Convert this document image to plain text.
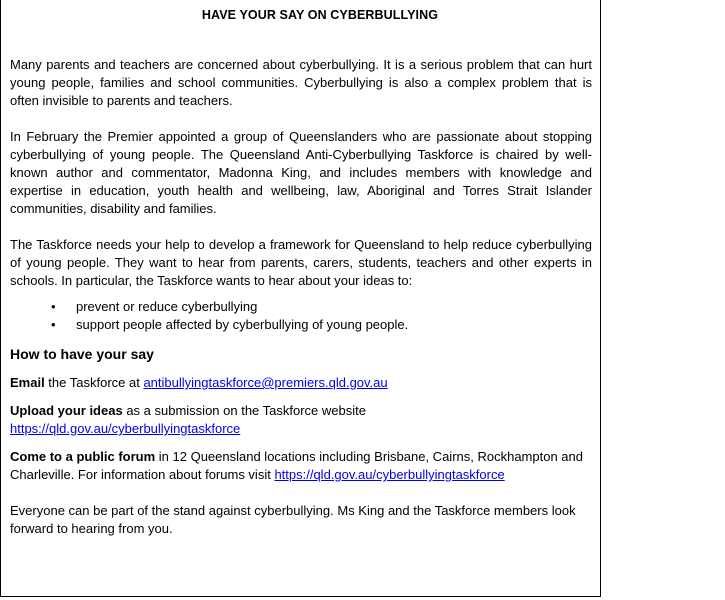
HAVE YOUR SAY ON CYBERBULLYING

Many parents and teachers are concerned about cyberbullying. It is a serious problem that can hurt young people, families and school communities. Cyberbullying is also a complex problem that is often invisible to parents and teachers.

In February the Premier appointed a group of Queenslanders who are passionate about stopping cyberbullying of young people. The Queensland Anti-Cyberbullying Taskforce is chaired by well-known author and commentator, Madonna King, and includes members with knowledge and expertise in education, youth health and wellbeing, law, Aboriginal and Torres Strait Islander communities, disability and families.

The Taskforce needs your help to develop a framework for Queensland to help reduce cyberbullying of young people. They want to hear from parents, carers, students, teachers and other experts in schools. In particular, the Taskforce wants to hear about your ideas to:

• prevent or reduce cyberbullying
• support people affected by cyberbullying of young people.

How to have your say

Email the Taskforce at antibullyingtaskforce@premiers.qld.gov.au

Upload your ideas as a submission on the Taskforce website
https://qld.gov.au/cyberbullyingtaskforce

Come to a public forum in 12 Queensland locations including Brisbane, Cairns, Rockhampton and Charleville. For information about forums visit https://qld.gov.au/cyberbullyingtaskforce

Everyone can be part of the stand against cyberbullying. Ms King and the Taskforce members look forward to hearing from you.
